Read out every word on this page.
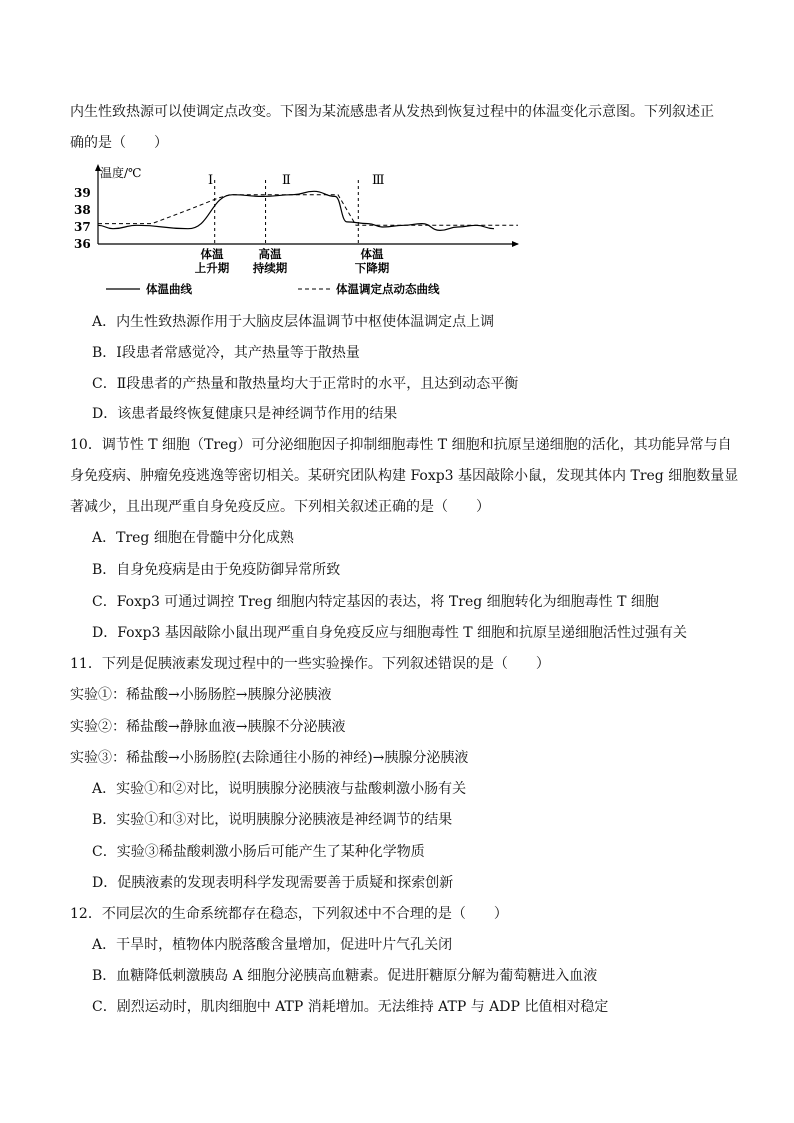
内生性致热源可以使调定点改变。下图为某流感患者从发热到恢复过程中的体温变化示意图。下列叙述正
确的是（　　）
温度/℃
39
38
37
36
Ⅰ	Ⅱ	Ⅲ
体温
上升期
高温
持续期
体温
下降期
体温曲线	体温调定点动态曲线
A．内生性致热源作用于大脑皮层体温调节中枢使体温调定点上调
B．Ⅰ段患者常感觉冷，其产热量等于散热量
C．Ⅱ段患者的产热量和散热量均大于正常时的水平，且达到动态平衡
D．该患者最终恢复健康只是神经调节作用的结果
10．调节性 T 细胞（Treg）可分泌细胞因子抑制细胞毒性 T 细胞和抗原呈递细胞的活化，其功能异常与自
身免疫病、肿瘤免疫逃逸等密切相关。某研究团队构建 Foxp3 基因敲除小鼠，发现其体内 Treg 细胞数量显
著减少，且出现严重自身免疫反应。下列相关叙述正确的是（　　）
A．Treg 细胞在骨髓中分化成熟
B．自身免疫病是由于免疫防御异常所致
C．Foxp3 可通过调控 Treg 细胞内特定基因的表达，将 Treg 细胞转化为细胞毒性 T 细胞
D．Foxp3 基因敲除小鼠出现严重自身免疫反应与细胞毒性 T 细胞和抗原呈递细胞活性过强有关
11．下列是促胰液素发现过程中的一些实验操作。下列叙述错误的是（　　）
实验①：稀盐酸→小肠肠腔→胰腺分泌胰液
实验②：稀盐酸→静脉血液→胰腺不分泌胰液
实验③：稀盐酸→小肠肠腔(去除通往小肠的神经)→胰腺分泌胰液
A．实验①和②对比，说明胰腺分泌胰液与盐酸刺激小肠有关
B．实验①和③对比，说明胰腺分泌胰液是神经调节的结果
C．实验③稀盐酸刺激小肠后可能产生了某种化学物质
D．促胰液素的发现表明科学发现需要善于质疑和探索创新
12．不同层次的生命系统都存在稳态，下列叙述中不合理的是（　　）
A．干旱时，植物体内脱落酸含量增加，促进叶片气孔关闭
B．血糖降低刺激胰岛 A 细胞分泌胰高血糖素。促进肝糖原分解为葡萄糖进入血液
C．剧烈运动时，肌肉细胞中 ATP 消耗增加。无法维持 ATP 与 ADP 比值相对稳定
